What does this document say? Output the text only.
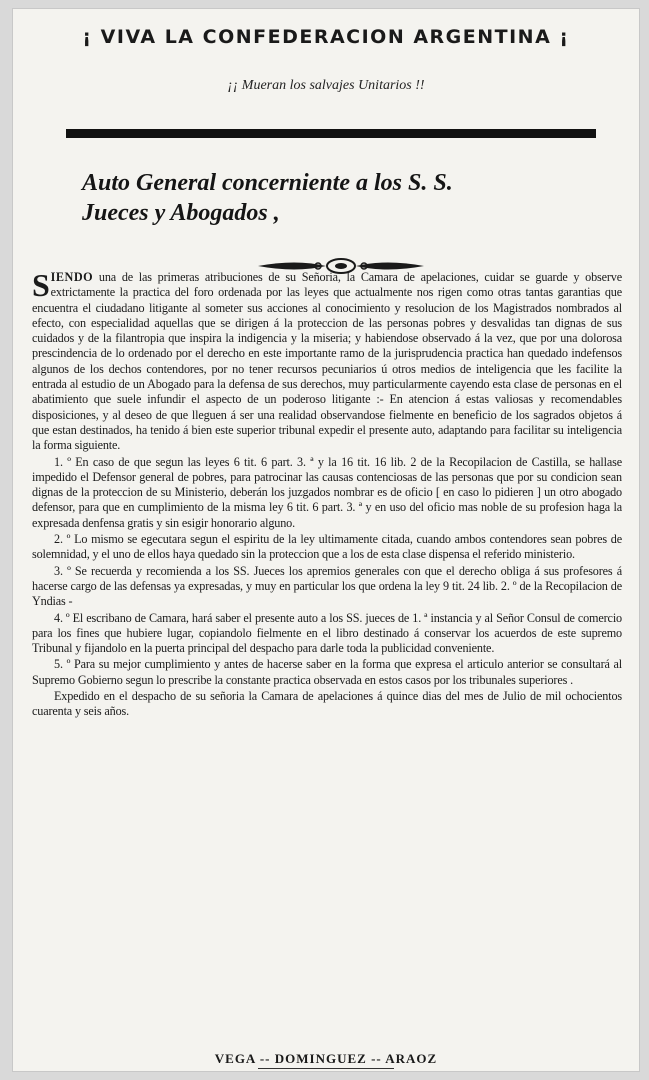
¡ VIVA LA CONFEDERACION ARGENTINA ¡
¡¡ Mueran los salvajes Unitarios !!
Auto General concerniente a los S. S.
Jueces y Abogados ,

SIENDO una de las primeras atribuciones de su Señoria, la Camara de apelaciones, cuidar se guarde y observe extrictamente la practica del foro ordenada por las leyes que actualmente nos rigen como otras tantas garantias que encuentra el ciudadano litigante al someter sus acciones al conocimiento y resolucion de los Magistrados nombrados al efecto, con especialidad aquellas que se dirigen á la proteccion de las personas pobres y desvalidas tan dignas de sus cuidados y de la filantropia que inspira la indigencia y la miseria; y habiendose observado á la vez, que por una dolorosa prescindencia de lo ordenado por el derecho en este importante ramo de la jurisprudencia practica han quedado indefensos algunos de los dechos contendores, por no tener recursos pecuniarios ú otros medios de inteligencia que les facilite la entrada al estudio de un Abogado para la defensa de sus derechos, muy particularmente cayendo esta clase de personas en el abatimiento que suele infundir el aspecto de un poderoso litigante :- En atencion á estas valiosas y recomendables disposiciones, y al deseo de que lleguen á ser una realidad observandose fielmente en beneficio de los sagrados objetos á que estan destinados, ha tenido á bien este superior tribunal expedir el presente auto, adaptando para facilitar su inteligencia la forma siguiente.

1. º En caso de que segun las leyes 6 tit. 6 part. 3. ª y la 16 tit. 16 lib. 2 de la Recopilacion de Castilla, se hallase impedido el Defensor general de pobres, para patrocinar las causas contenciosas de las personas que por su condicion sean dignas de la proteccion de su Ministerio, deberán los juzgados nombrar es de oficio [ en caso lo pidieren ] un otro abogado defensor, para que en cumplimiento de la misma ley 6 tit. 6 part. 3. ª y en uso del oficio mas noble de su profesion haga la expresada denfensa gratis y sin esigir honorario alguno.

2. º Lo mismo se egecutara segun el espiritu de la ley ultimamente citada, cuando ambos contendores sean pobres de solemnidad, y el uno de ellos haya quedado sin la proteccion que a los de esta clase dispensa el referido ministerio.

3. º Se recuerda y recomienda a los SS. Jueces los apremios generales con que el derecho obliga á sus profesores á hacerse cargo de las defensas ya expresadas, y muy en particular los que ordena la ley 9 tit. 24 lib. 2. º de la Recopilacion de Yndias -

4. º El escribano de Camara, hará saber el presente auto a los SS. jueces de 1. ª instancia y al Señor Consul de comercio para los fines que hubiere lugar, copiandolo fielmente en el libro destinado á conservar los acuerdos de este supremo Tribunal y fijandolo en la puerta principal del despacho para darle toda la publicidad conveniente.

5. º Para su mejor cumplimiento y antes de hacerse saber en la forma que expresa el articulo anterior se consultará al Supremo Gobierno segun lo prescribe la constante practica observada en estos casos por los tribunales superiores .

Expedido en el despacho de su señoria la Camara de apelaciones á quince dias del mes de Julio de mil ochocientos cuarenta y seis años.

VEGA -- DOMINGUEZ -- ARAOZ
